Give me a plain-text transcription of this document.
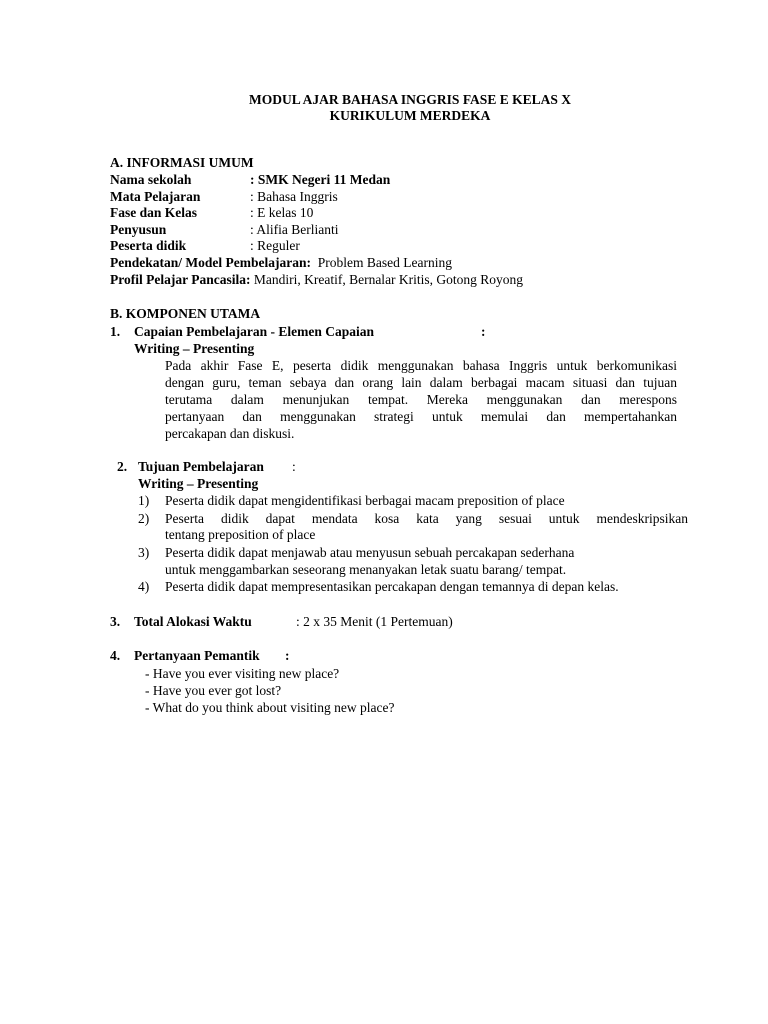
MODUL AJAR BAHASA INGGRIS FASE E KELAS X
KURIKULUM MERDEKA
A. INFORMASI UMUM
Nama sekolah	: SMK Negeri 11 Medan
Mata Pelajaran	: Bahasa Inggris
Fase dan Kelas	: E kelas 10
Penyusun	: Alifia Berlianti
Peserta didik	: Reguler
Pendekatan/ Model Pembelajaran: Problem Based Learning
Profil Pelajar Pancasila: Mandiri, Kreatif, Bernalar Kritis, Gotong Royong
B. KOMPONEN UTAMA
1. Capaian Pembelajaran - Elemen Capaian	:
Writing – Presenting
Pada akhir Fase E, peserta didik menggunakan bahasa Inggris untuk berkomunikasi
dengan guru, teman sebaya dan orang lain dalam berbagai macam situasi dan tujuan
terutama dalam menunjukan tempat. Mereka menggunakan dan merespons
pertanyaan dan menggunakan strategi untuk memulai dan mempertahankan
percakapan dan diskusi.
2. Tujuan Pembelajaran :
Writing – Presenting
1) Peserta didik dapat mengidentifikasi berbagai macam preposition of place
2) Peserta didik dapat mendata kosa kata yang sesuai untuk mendeskripsikan
tentang preposition of place
3) Peserta didik dapat menjawab atau menyusun sebuah percakapan sederhana
untuk menggambarkan seseorang menanyakan letak suatu barang/ tempat.
4) Peserta didik dapat mempresentasikan percakapan dengan temannya di depan kelas.
3. Total Alokasi Waktu	: 2 x 35 Menit (1 Pertemuan)
4. Pertanyaan Pemantik :
- Have you ever visiting new place?
- Have you ever got lost?
- What do you think about visiting new place?
